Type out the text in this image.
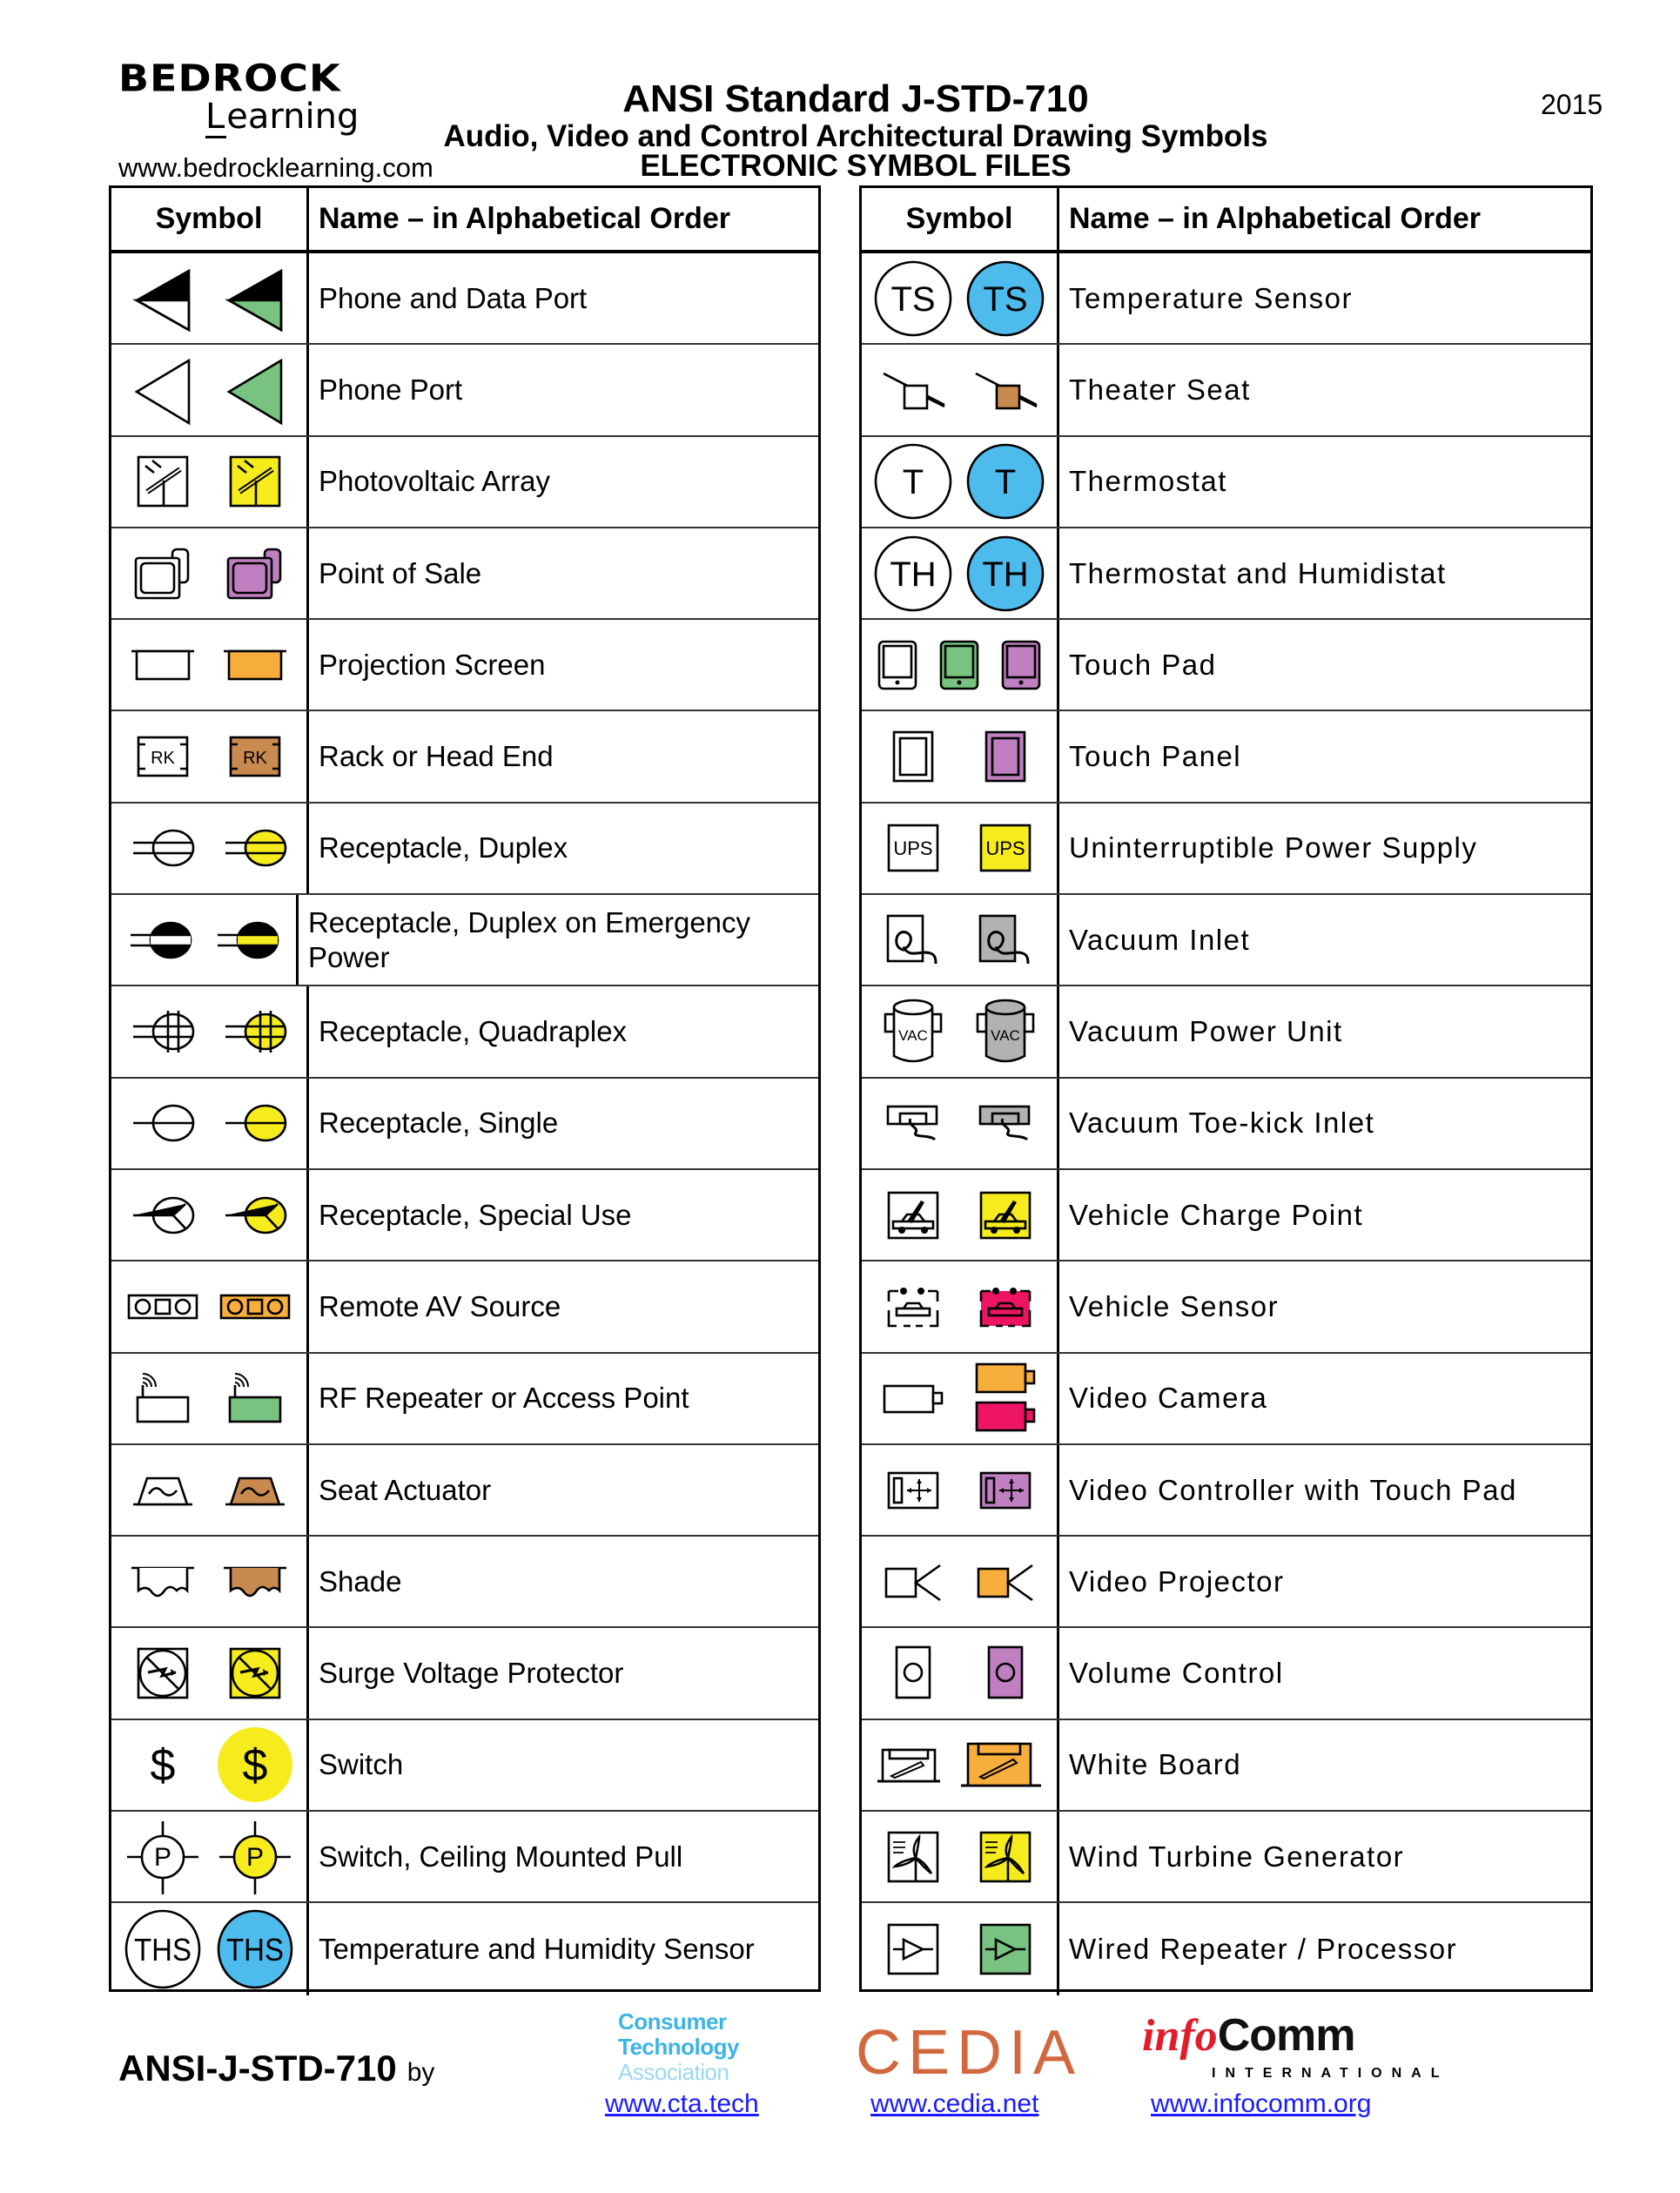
BEDROCK
Learning
www.bedrocklearning.com
ANSI Standard J-STD-710
Audio, Video and Control Architectural Drawing Symbols
ELECTRONIC SYMBOL FILES
2015
Symbol	Name – in Alphabetical Order
Phone and Data Port
Phone Port
Photovoltaic Array
Point of Sale
Projection Screen
RK	RK	Rack or Head End
Receptacle, Duplex
Receptacle, Duplex on Emergency Power
Receptacle, Quadraplex
Receptacle, Single
Receptacle, Special Use
Remote AV Source
RF Repeater or Access Point
Seat Actuator
Shade
Surge Voltage Protector
$ $	Switch
P	P	Switch, Ceiling Mounted Pull
THS THS	Temperature and Humidity Sensor
Symbol	Name – in Alphabetical Order
TS TS	Temperature Sensor
Theater Seat
T T	Thermostat
TH TH	Thermostat and Humidistat
Touch Pad
Touch Panel
UPS	UPS	Uninterruptible Power Supply
Vacuum Inlet
VAC	VAC	Vacuum Power Unit
Vacuum Toe-kick Inlet
Vehicle Charge Point
Vehicle Sensor
Video Camera
Video Controller with Touch Pad
Video Projector
Volume Control
White Board
Wind Turbine Generator
Wired Repeater / Processor
ANSI-J-STD-710 by
Consumer
Technology
Association CEDIA infoComm
INTERNATIONAL
www.cta.tech	www.cedia.net	www.infocomm.org
